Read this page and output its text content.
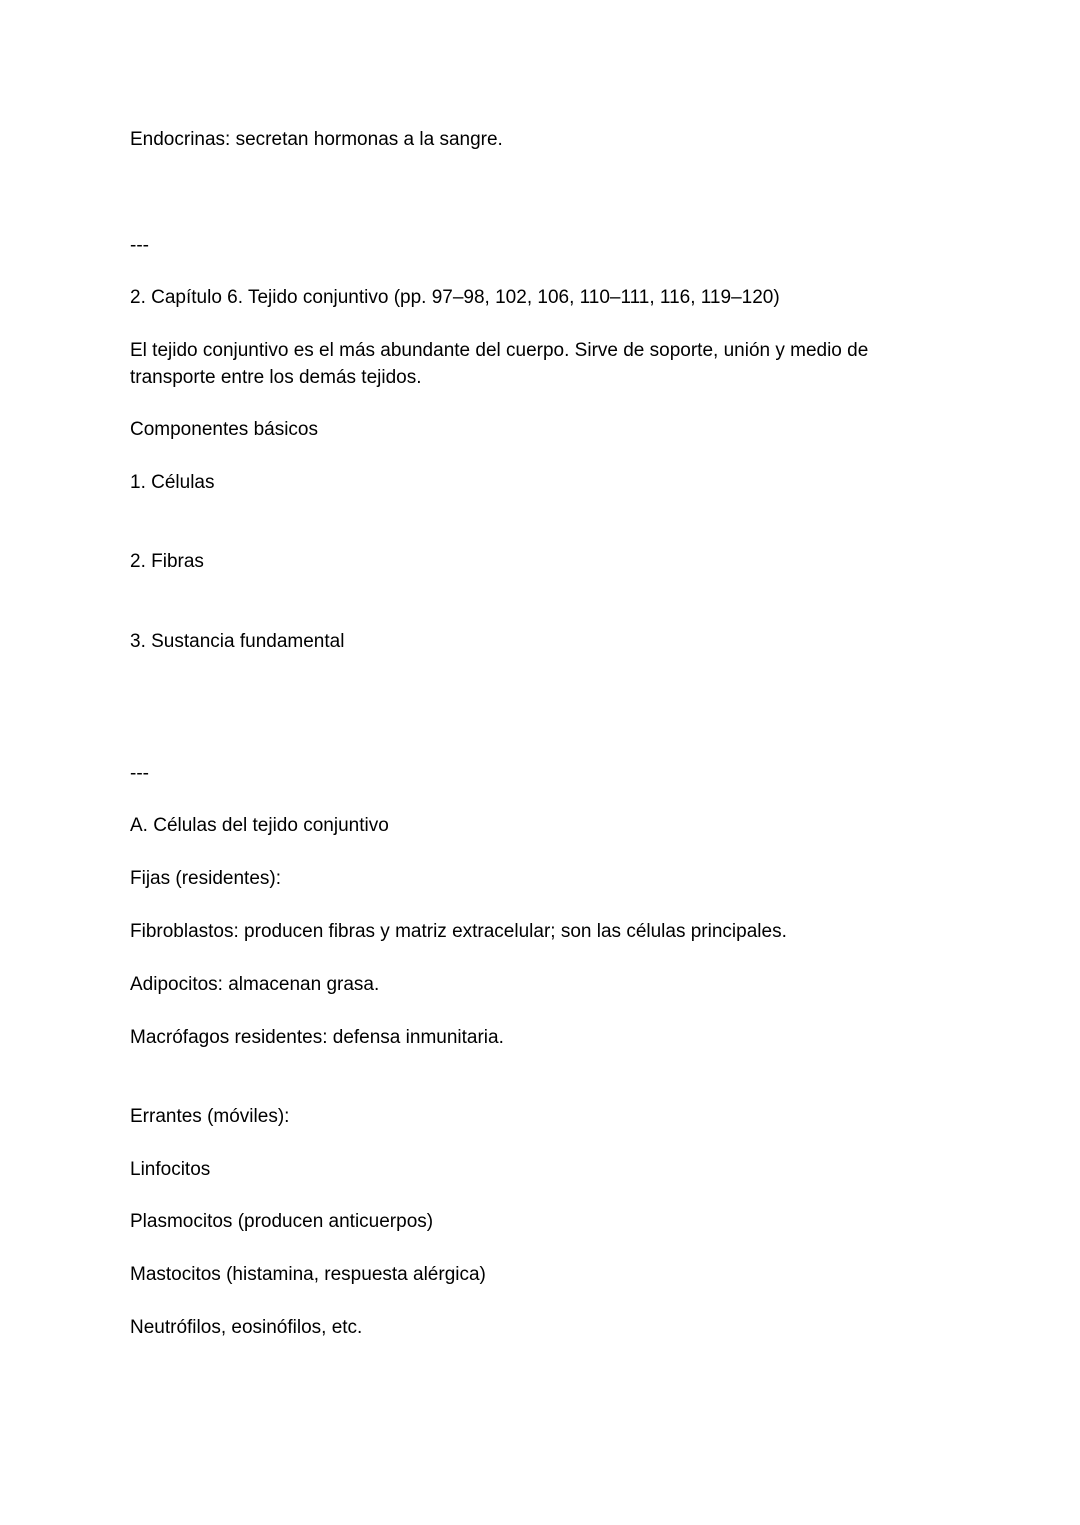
Endocrinas: secretan hormonas a la sangre.
---
2. Capítulo 6. Tejido conjuntivo (pp. 97–98, 102, 106, 110–111, 116, 119–120)
El tejido conjuntivo es el más abundante del cuerpo. Sirve de soporte, unión y medio de
transporte entre los demás tejidos.
Componentes básicos
1. Células
2. Fibras
3. Sustancia fundamental
---
A. Células del tejido conjuntivo
Fijas (residentes):
Fibroblastos: producen fibras y matriz extracelular; son las células principales.
Adipocitos: almacenan grasa.
Macrófagos residentes: defensa inmunitaria.
Errantes (móviles):
Linfocitos
Plasmocitos (producen anticuerpos)
Mastocitos (histamina, respuesta alérgica)
Neutrófilos, eosinófilos, etc.
